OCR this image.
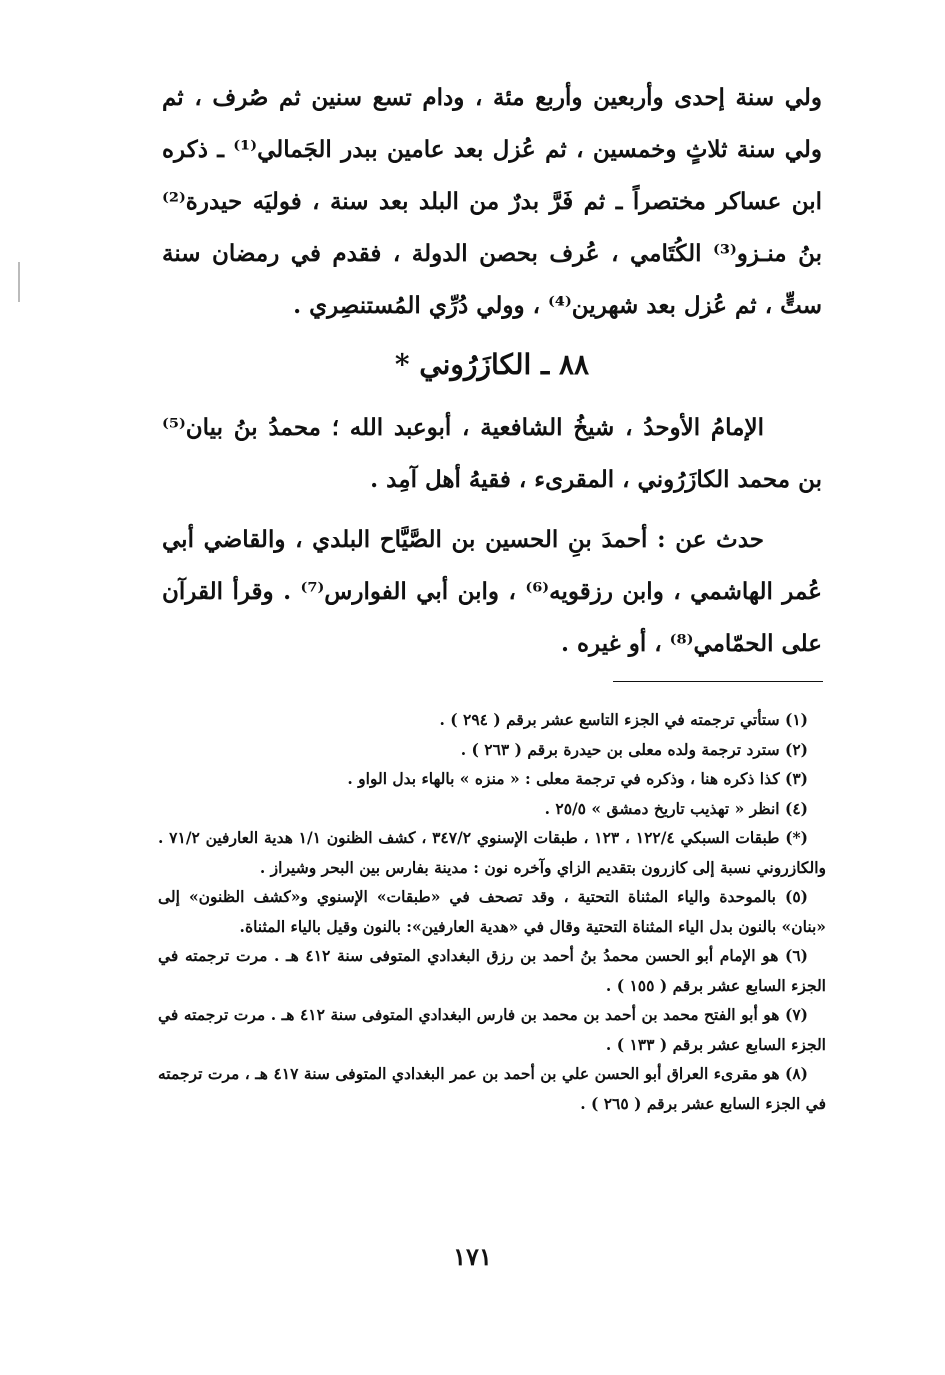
ولي سنة إحدى وأربعين وأربع مئة ، ودام تسع سنين ثم صُرف ، ثم ولي سنة ثلاثٍ وخمسين ، ثم عُزل بعد عامين ببدر الجَمالي⁽¹⁾ ـ ذكره ابن عساكر مختصراً ـ ثم فَرَّ بدرٌ من البلد بعد سنة ، فوليَه حيدرة⁽²⁾ بنُ منـزو⁽³⁾ الكُتَامي ، عُرف بحصن الدولة ، فقدم في رمضان سنة ستٍّ ، ثم عُزل بعد شهرين⁽⁴⁾ ، وولي دُرِّي المُستنصِري .

٨٨ ـ الكازَرُوني *

الإمامُ الأوحدُ ، شيخُ الشافعية ، أبوعبد الله ؛ محمدُ بنُ بيان⁽⁵⁾ بن محمد الكازَرُوني ، المقرىء ، فقيهُ أهل آمِد .

حدث عن : أحمدَ بنِ الحسين بن الصَّيَّاح البلدي ، والقاضي أبي عُمر الهاشمي ، وابن رزقويه⁽⁶⁾ ، وابن أبي الفوارس⁽⁷⁾ . وقرأ القرآن على الحمّامي⁽⁸⁾ ، أو غيره .

(١) ستأتي ترجمته في الجزء التاسع عشر برقم ( ٢٩٤ ) .

(٢) سترد ترجمة ولده معلى بن حيدرة برقم ( ٢٦٣ ) .

(٣) كذا ذكره هنا ، وذكره في ترجمة معلى : « منزه » بالهاء بدل الواو .

(٤) انظر « تهذيب تاريخ دمشق » ٢٥/٥ .

(*) طبقات السبكي ١٢٢/٤ ، ١٢٣ ، طبقات الإسنوي ٣٤٧/٢ ، كشف الظنون ١/١ هدية العارفين ٧١/٢ . والكازروني نسبة إلى كازرون بتقديم الزاي وآخره نون : مدينة بفارس بين البحر وشيراز .

(٥) بالموحدة والياء المثناة التحتية ، وقد تصحف في «طبقات» الإسنوي و«كشف الظنون» إلى «بنان» بالنون بدل الياء المثناة التحتية وقال في «هدية العارفين»: بالنون وقيل بالياء المثناة.

(٦) هو الإمام أبو الحسن محمدُ بنُ أحمد بن رزق البغدادي المتوفى سنة ٤١٢ هـ . مرت ترجمته في الجزء السابع عشر برقم ( ١٥٥ ) .

(٧) هو أبو الفتح محمد بن أحمد بن محمد بن فارس البغدادي المتوفى سنة ٤١٢ هـ . مرت ترجمته في الجزء السابع عشر برقم ( ١٣٣ ) .

(٨) هو مقرىء العراق أبو الحسن علي بن أحمد بن عمر البغدادي المتوفى سنة ٤١٧ هـ ، مرت ترجمته في الجزء السابع عشر برقم ( ٢٦٥ ) .

١٧١
